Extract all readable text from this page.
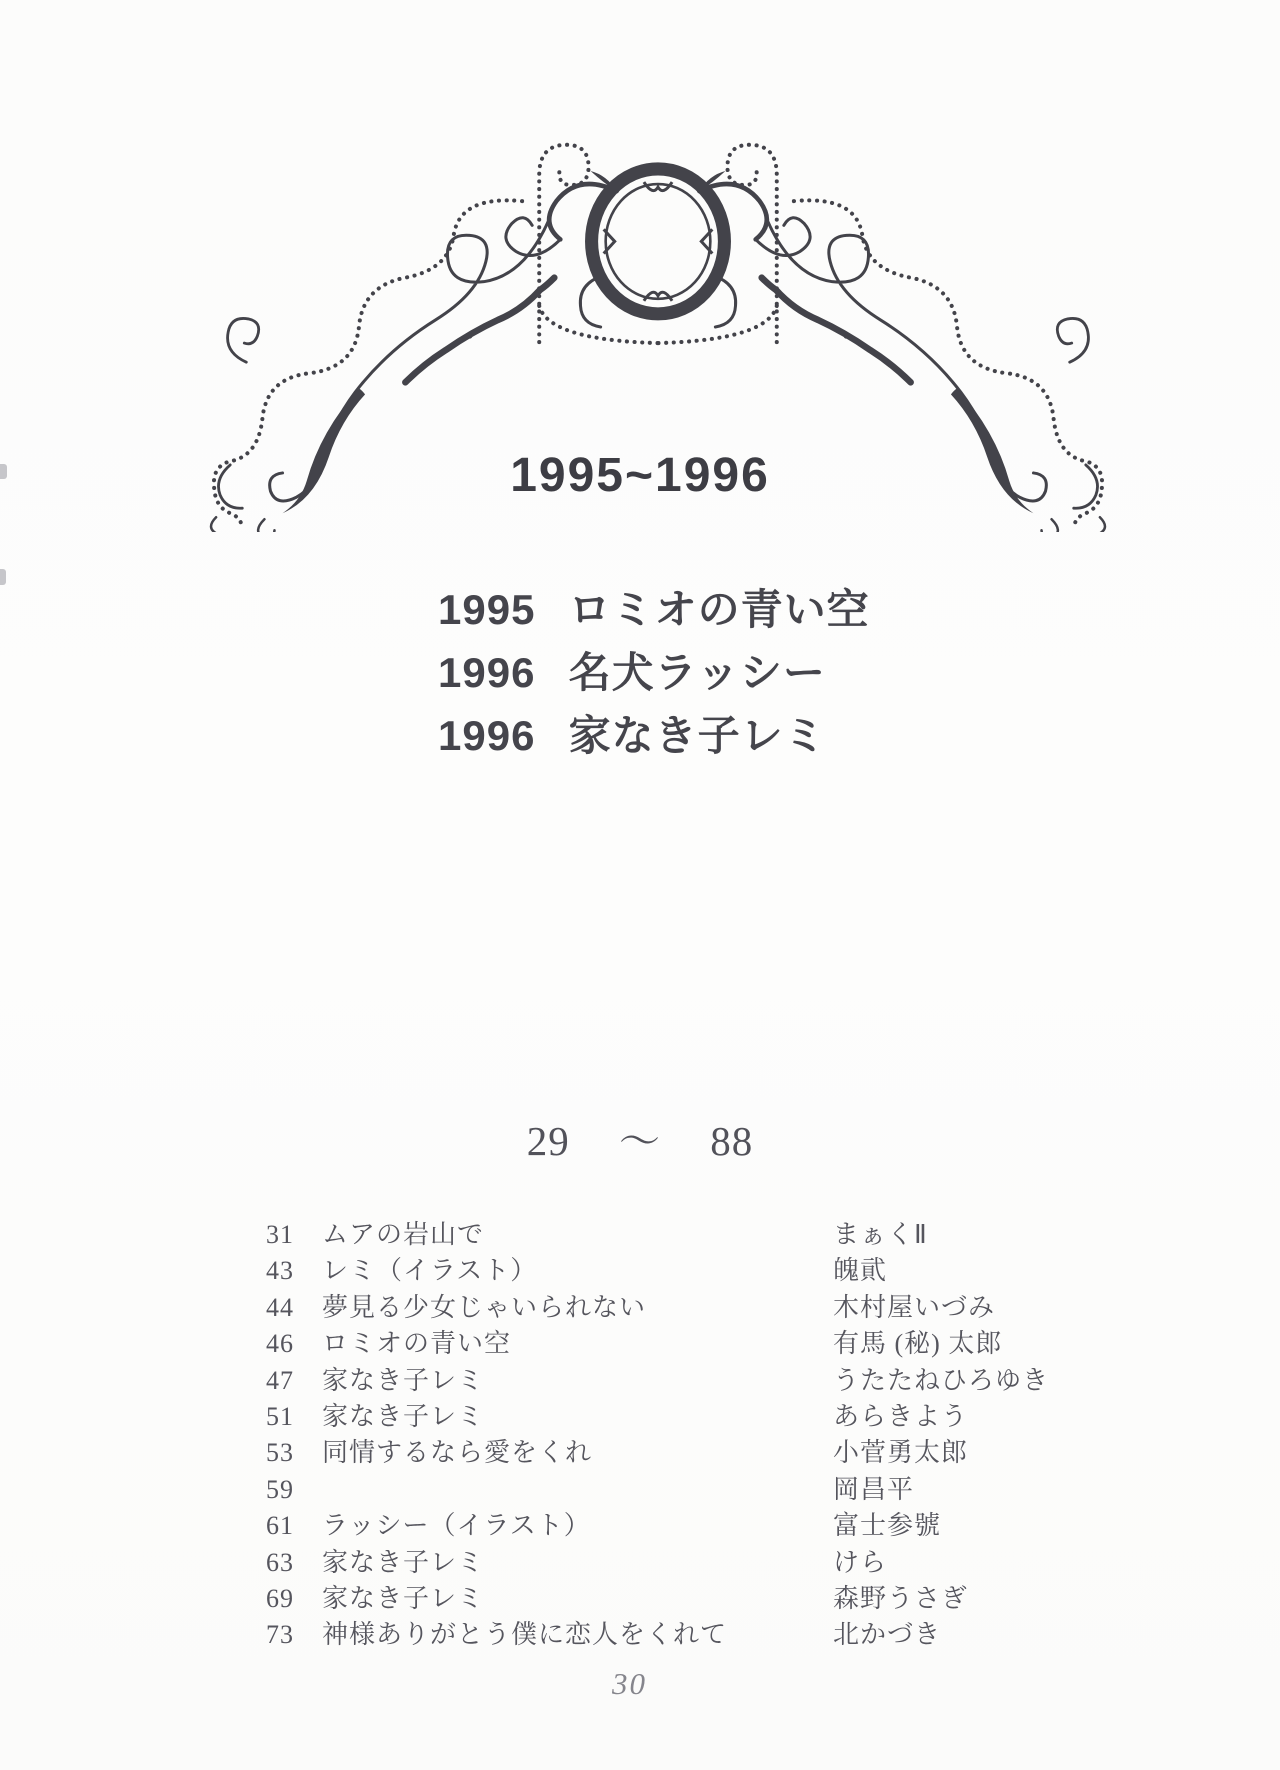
1995~1996
1995 ロミオの青い空
1996 名犬ラッシー
1996 家なき子レミ
29 ～ 88
31 ムアの岩山で	まぁくⅡ
43 レミ（イラスト）	魄貮
44 夢見る少女じゃいられない	木村屋いづみ
46 ロミオの青い空	有馬 (秘) 太郎
47 家なき子レミ	うたたねひろゆき
51 家なき子レミ	あらきよう
53 同情するなら愛をくれ	小菅勇太郎
59	岡昌平
61 ラッシー（イラスト）	富士参號
63 家なき子レミ	けら
69 家なき子レミ	森野うさぎ
73 神様ありがとう僕に恋人をくれて	北かづき
30
